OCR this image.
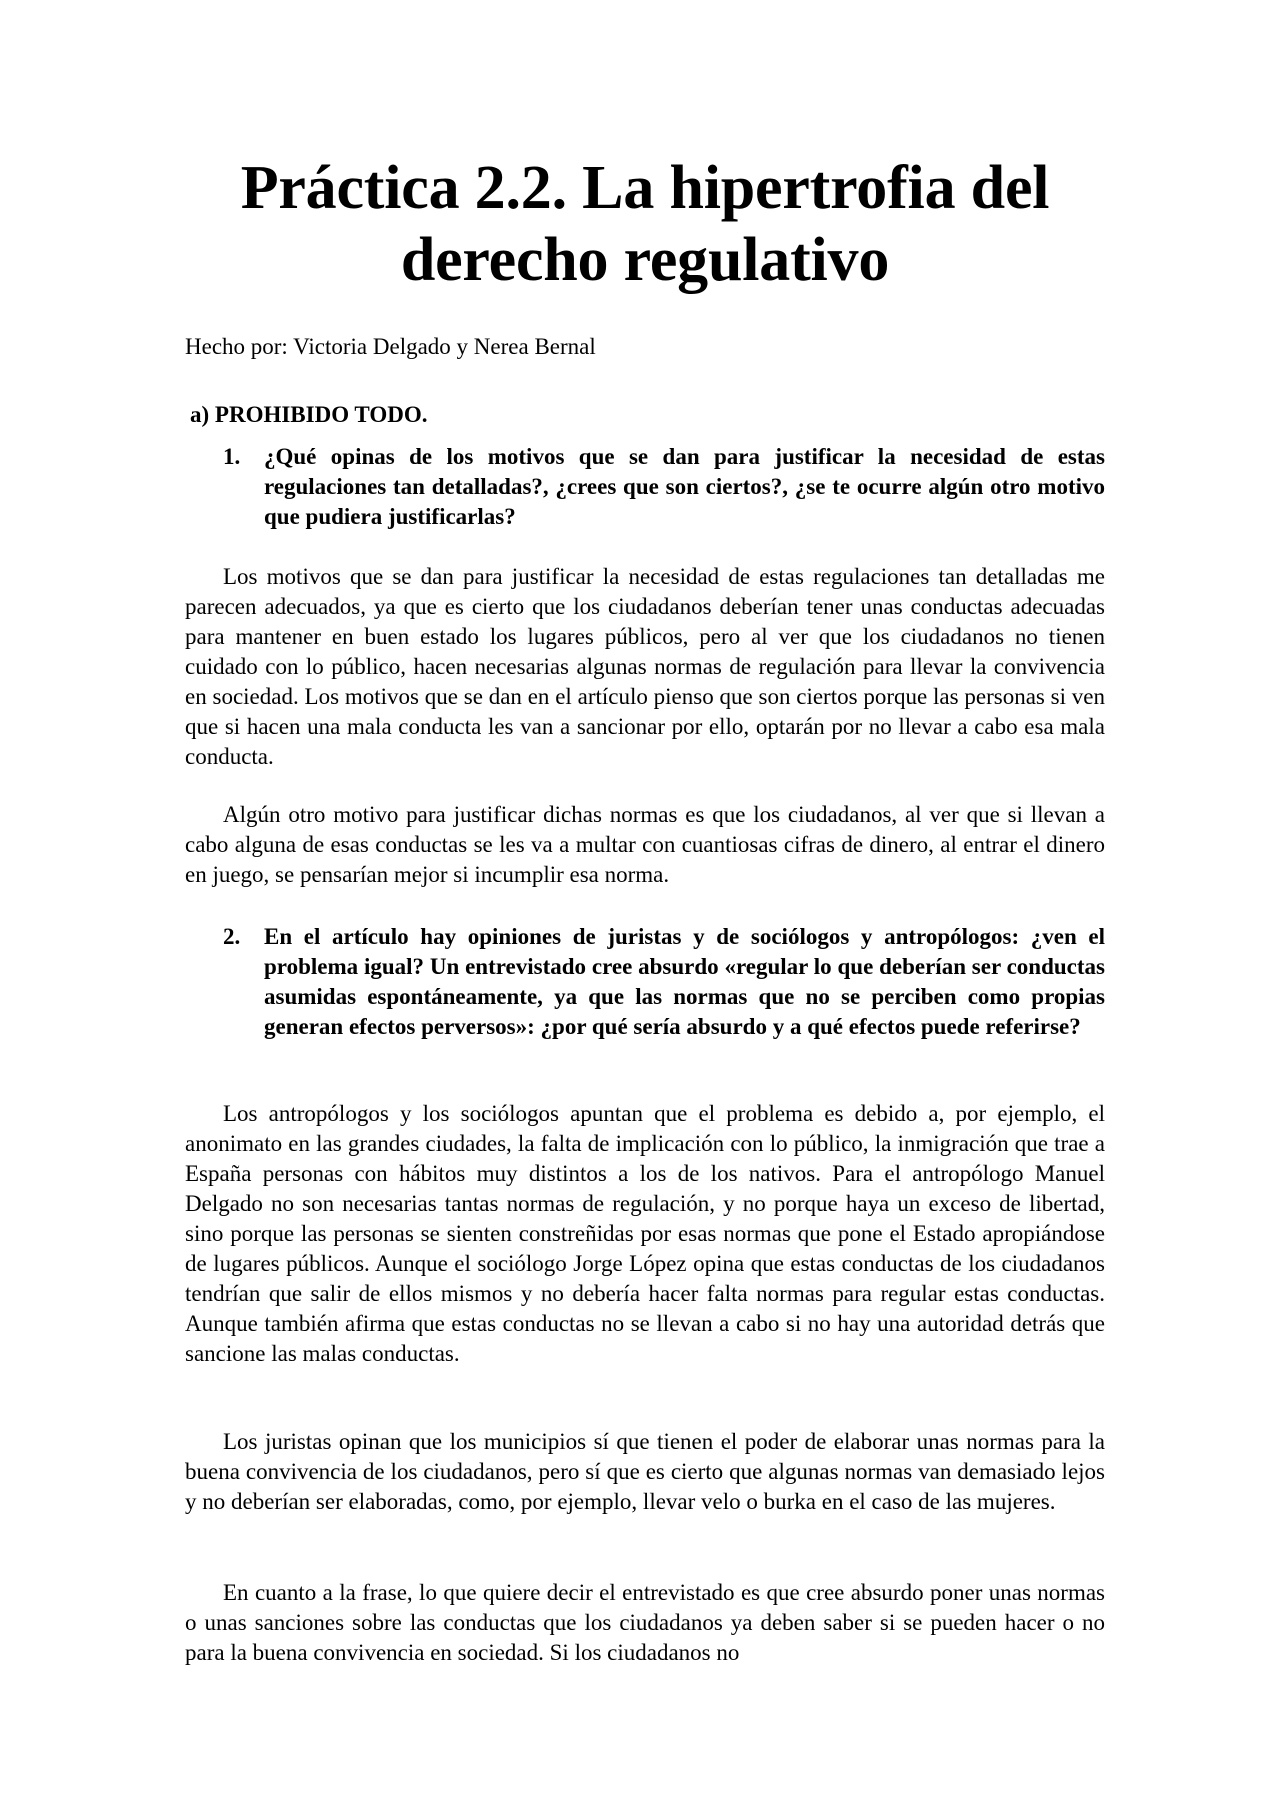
Práctica 2.2. La hipertrofia del derecho regulativo

Hecho por: Victoria Delgado y Nerea Bernal

a) PROHIBIDO TODO.

1. ¿Qué opinas de los motivos que se dan para justificar la necesidad de estas regulaciones tan detalladas?, ¿crees que son ciertos?, ¿se te ocurre algún otro motivo que pudiera justificarlas?

Los motivos que se dan para justificar la necesidad de estas regulaciones tan detalladas me parecen adecuados, ya que es cierto que los ciudadanos deberían tener unas conductas adecuadas para mantener en buen estado los lugares públicos, pero al ver que los ciudadanos no tienen cuidado con lo público, hacen necesarias algunas normas de regulación para llevar la convivencia en sociedad. Los motivos que se dan en el artículo pienso que son ciertos porque las personas si ven que si hacen una mala conducta les van a sancionar por ello, optarán por no llevar a cabo esa mala conducta.

Algún otro motivo para justificar dichas normas es que los ciudadanos, al ver que si llevan a cabo alguna de esas conductas se les va a multar con cuantiosas cifras de dinero, al entrar el dinero en juego, se pensarían mejor si incumplir esa norma.

2. En el artículo hay opiniones de juristas y de sociólogos y antropólogos: ¿ven el problema igual? Un entrevistado cree absurdo «regular lo que deberían ser conductas asumidas espontáneamente, ya que las normas que no se perciben como propias generan efectos perversos»: ¿por qué sería absurdo y a qué efectos puede referirse?

Los antropólogos y los sociólogos apuntan que el problema es debido a, por ejemplo, el anonimato en las grandes ciudades, la falta de implicación con lo público, la inmigración que trae a España personas con hábitos muy distintos a los de los nativos. Para el antropólogo Manuel Delgado no son necesarias tantas normas de regulación, y no porque haya un exceso de libertad, sino porque las personas se sienten constreñidas por esas normas que pone el Estado apropiándose de lugares públicos. Aunque el sociólogo Jorge López opina que estas conductas de los ciudadanos tendrían que salir de ellos mismos y no debería hacer falta normas para regular estas conductas. Aunque también afirma que estas conductas no se llevan a cabo si no hay una autoridad detrás que sancione las malas conductas.

Los juristas opinan que los municipios sí que tienen el poder de elaborar unas normas para la buena convivencia de los ciudadanos, pero sí que es cierto que algunas normas van demasiado lejos y no deberían ser elaboradas, como, por ejemplo, llevar velo o burka en el caso de las mujeres.

En cuanto a la frase, lo que quiere decir el entrevistado es que cree absurdo poner unas normas o unas sanciones sobre las conductas que los ciudadanos ya deben saber si se pueden hacer o no para la buena convivencia en sociedad. Si los ciudadanos no
